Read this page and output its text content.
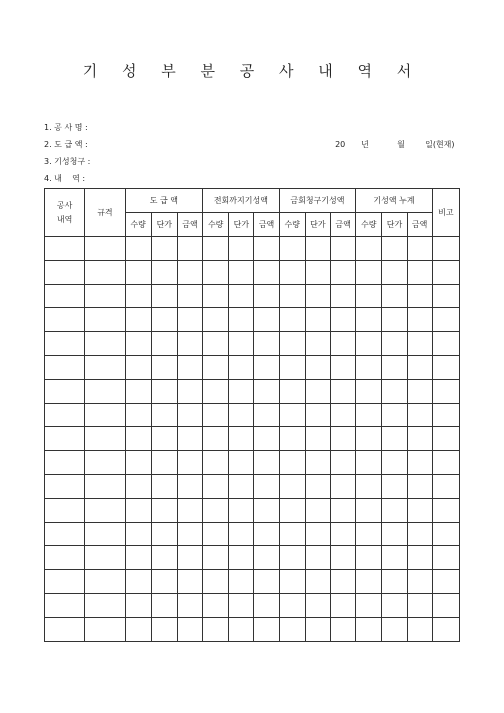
기 성 부 분 공 사 내 역 서
1. 공 사 명 :
2. 도 급 액 :
3. 기성청구 :
4. 내    역 :

20 년	월	일(현재)

공사
내역	규격	도 급 액			전회까지기성액			금회청구기성액			기성액 누계			비고
		수량	단가	금액	수량	단가	금액	수량	단가	금액	수량	단가	금액	
